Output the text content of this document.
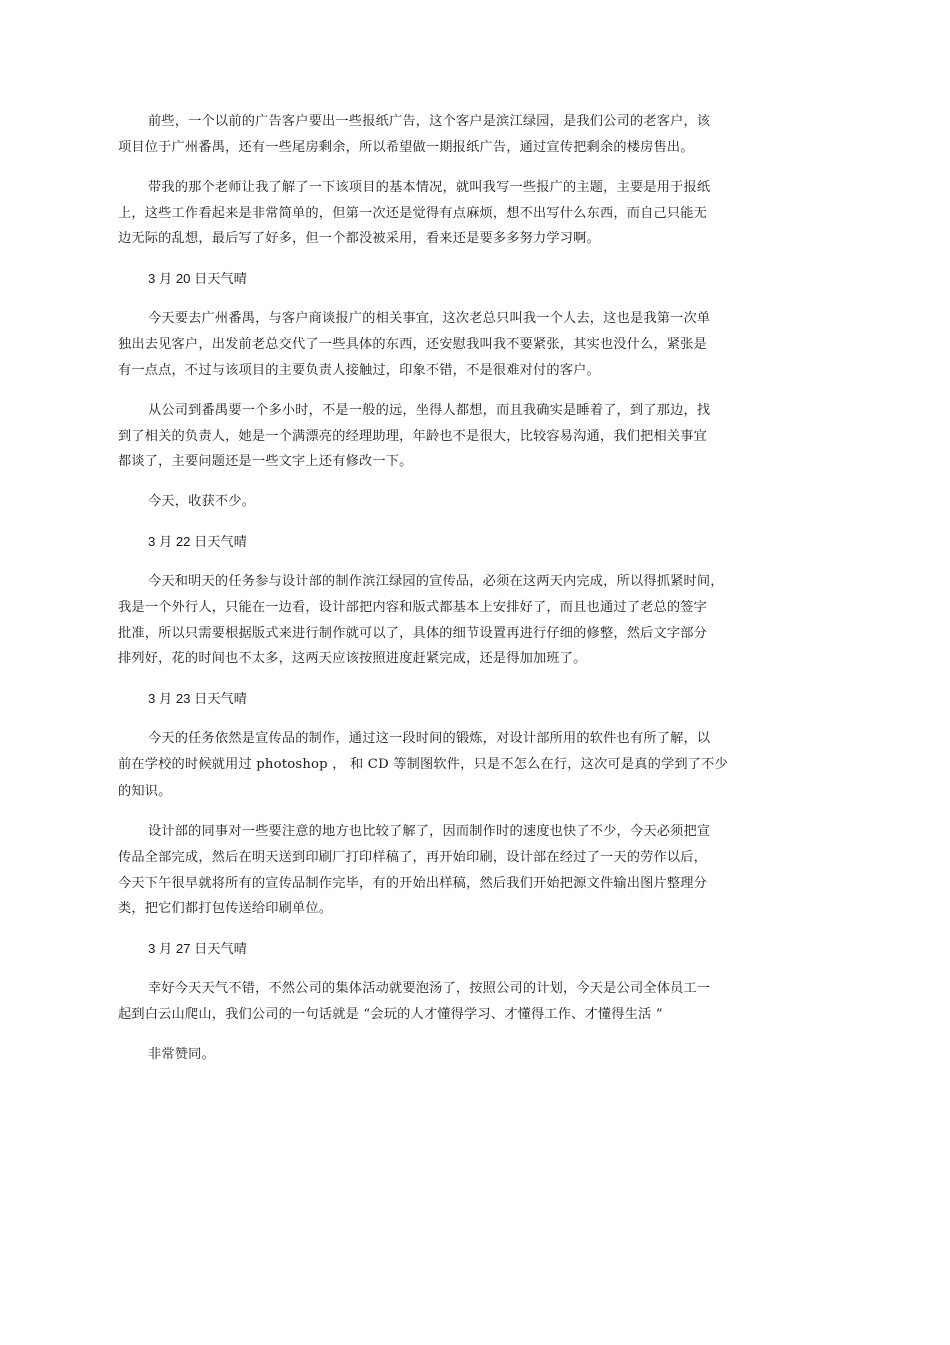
前些，一个以前的广告客户要出一些报纸广告，这个客户是滨江绿园，是我们公司的老客户，该
项目位于广州番禺，还有一些尾房剩余，所以希望做一期报纸广告，通过宣传把剩余的楼房售出。
带我的那个老师让我了解了一下该项目的基本情况，就叫我写一些报广的主题，主要是用于报纸
上，这些工作看起来是非常简单的，但第一次还是觉得有点麻烦，想不出写什么东西，而自己只能无
边无际的乱想，最后写了好多，但一个都没被采用，看来还是要多多努力学习啊。
3 月 20 日天气晴
今天要去广州番禺，与客户商谈报广的相关事宜，这次老总只叫我一个人去，这也是我第一次单
独出去见客户，出发前老总交代了一些具体的东西，还安慰我叫我不要紧张，其实也没什么，紧张是
有一点点，不过与该项目的主要负责人接触过，印象不错，不是很难对付的客户。
从公司到番禺要一个多小时，不是一般的远，坐得人都想，而且我确实是睡着了，到了那边，找
到了相关的负责人，她是一个满漂亮的经理助理，年龄也不是很大，比较容易沟通，我们把相关事宜
都谈了，主要问题还是一些文字上还有修改一下。
今天，收获不少。
3 月 22 日天气晴
今天和明天的任务参与设计部的制作滨江绿园的宣传品，必须在这两天内完成，所以得抓紧时间，
我是一个外行人，只能在一边看，设计部把内容和版式都基本上安排好了，而且也通过了老总的签字
批准，所以只需要根据版式来进行制作就可以了，具体的细节设置再进行仔细的修整，然后文字部分
排列好，花的时间也不太多，这两天应该按照进度赶紧完成，还是得加加班了。
3 月 23 日天气晴
今天的任务依然是宣传品的制作，通过这一段时间的锻炼，对设计部所用的软件也有所了解，以
前在学校的时候就用过 photoshop ， 和 CD 等制图软件，只是不怎么在行，这次可是真的学到了不少
的知识。
设计部的同事对一些要注意的地方也比较了解了，因而制作时的速度也快了不少，今天必须把宣
传品全部完成，然后在明天送到印刷厂打印样稿了，再开始印刷，设计部在经过了一天的劳作以后，
今天下午很早就将所有的宣传品制作完毕，有的开始出样稿，然后我们开始把源文件输出图片整理分
类，把它们都打包传送给印刷单位。
3 月 27 日天气晴
幸好今天天气不错，不然公司的集体活动就要泡汤了，按照公司的计划，今天是公司全体员工一
起到白云山爬山，我们公司的一句话就是 “会玩的人才懂得学习、才懂得工作、才懂得生活 ”
非常赞同。
